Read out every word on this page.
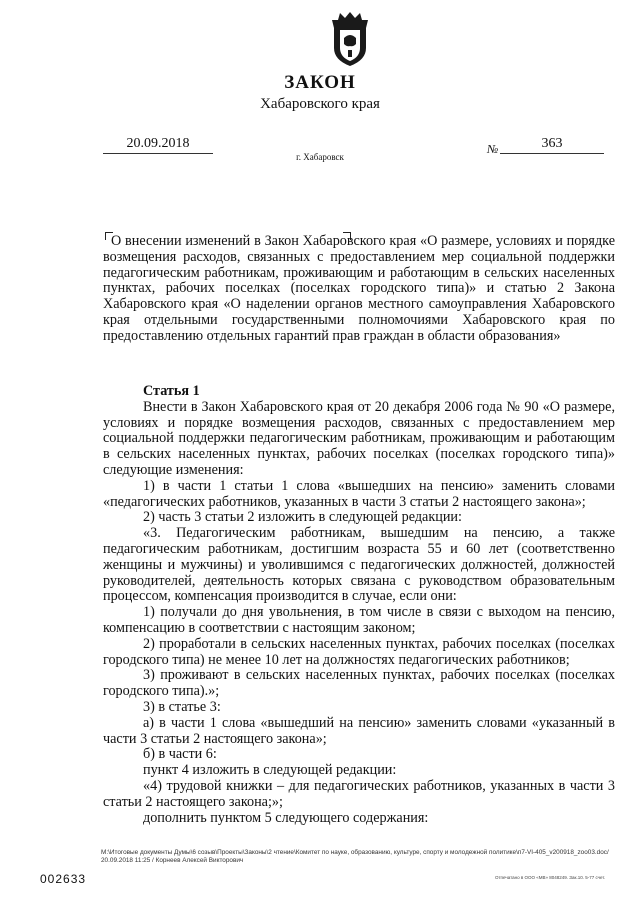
ЗАКОН
Хабаровского края
20.09.2018	№	363
г. Хабаровск
О внесении изменений в Закон Хабаровского края «О размере, условиях и порядке возмещения расходов, связанных с предоставлением мер социальной поддержки педагогическим работникам, проживающим и работающим в сельских населенных пунктах, рабочих поселках (поселках городского типа)» и статью 2 Закона Хабаровского края «О наделении органов местного самоуправления Хабаровского края отдельными государственными полномочиями Хабаровского края по предоставлению отдельных гарантий прав граждан в области образования»

Статья 1

Внести в Закон Хабаровского края от 20 декабря 2006 года № 90 «О размере, условиях и порядке возмещения расходов, связанных с предоставлением мер социальной поддержки педагогическим работникам, проживающим и работающим в сельских населенных пунктах, рабочих поселках (поселках городского типа)» следующие изменения:

1) в части 1 статьи 1 слова «вышедших на пенсию» заменить словами «педагогических работников, указанных в части 3 статьи 2 настоящего закона»;

2) часть 3 статьи 2 изложить в следующей редакции:

«3. Педагогическим работникам, вышедшим на пенсию, а также педагогическим работникам, достигшим возраста 55 и 60 лет (соответственно женщины и мужчины) и уволившимся с педагогических должностей, должностей руководителей, деятельность которых связана с руководством образовательным процессом, компенсация производится в случае, если они:

1) получали до дня увольнения, в том числе в связи с выходом на пенсию, компенсацию в соответствии с настоящим законом;

2) проработали в сельских населенных пунктах, рабочих поселках (поселках городского типа) не менее 10 лет на должностях педагогических работников;

3) проживают в сельских населенных пунктах, рабочих поселках (поселках городского типа).»;

3) в статье 3:

а) в части 1 слова «вышедший на пенсию» заменить словами «указанный в части 3 статьи 2 настоящего закона»;

б) в части 6:

пункт 4 изложить в следующей редакции:

«4) трудовой книжки – для педагогических работников, указанных в части 3 статьи 2 настоящего закона;»;

дополнить пунктом 5 следующего содержания:

M:\Итоговые документы Думы\6 созыв\Проекты\Законы\2 чтение\Комитет по науке, образованию, культуре, спорту и молодежной политике\п7-VI-405_v200918_zoo03.doc/ 20.09.2018 11:25 / Корнеев Алексей Викторович
002633	Отпечатано в ООО «МВ» 8048249. Зак.10. 5-77 счет.
